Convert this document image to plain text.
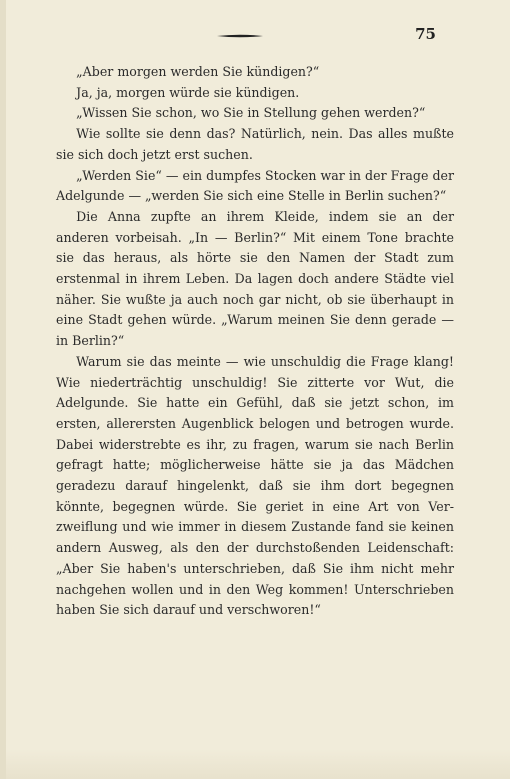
75

„Aber morgen werden Sie kündigen?“

Ja, ja, morgen würde sie kündigen.

„Wissen Sie schon, wo Sie in Stellung gehen werden?“

Wie sollte sie denn das? Natürlich, nein. Das alles mußte sie sich doch jetzt erst suchen.

„Werden Sie“ — ein dumpfes Stocken war in der Frage der Adelgunde — „werden Sie sich eine Stelle in Berlin suchen?“

Die Anna zupfte an ihrem Kleide, indem sie an der anderen vorbeisah. „In — Berlin?“ Mit einem Tone brachte sie das heraus, als hörte sie den Namen der Stadt zum erstenmal in ihrem Leben. Da lagen doch andere Städte viel näher. Sie wußte ja auch noch gar nicht, ob sie überhaupt in eine Stadt gehen würde. „Warum meinen Sie denn gerade — in Berlin?“

Warum sie das meinte — wie unschuldig die Frage klang! Wie niederträchtig unschuldig! Sie zitterte vor Wut, die Adelgunde. Sie hatte ein Gefühl, daß sie jetzt schon, im ersten, allerersten Augenblick belogen und betrogen wurde. Dabei widerstrebte es ihr, zu fragen, warum sie nach Berlin gefragt hatte; möglicherweise hätte sie ja das Mädchen geradezu darauf hingelenkt, daß sie ihm dort begegnen könnte, begegnen würde. Sie geriet in eine Art von Verzweiflung und wie immer in diesem Zustande fand sie keinen andern Ausweg, als den der durchstoßenden Leidenschaft: „Aber Sie haben's unterschrieben, daß Sie ihm nicht mehr nachgehen wollen und in den Weg kommen! Unterschrieben haben Sie sich darauf und verschworen!“
